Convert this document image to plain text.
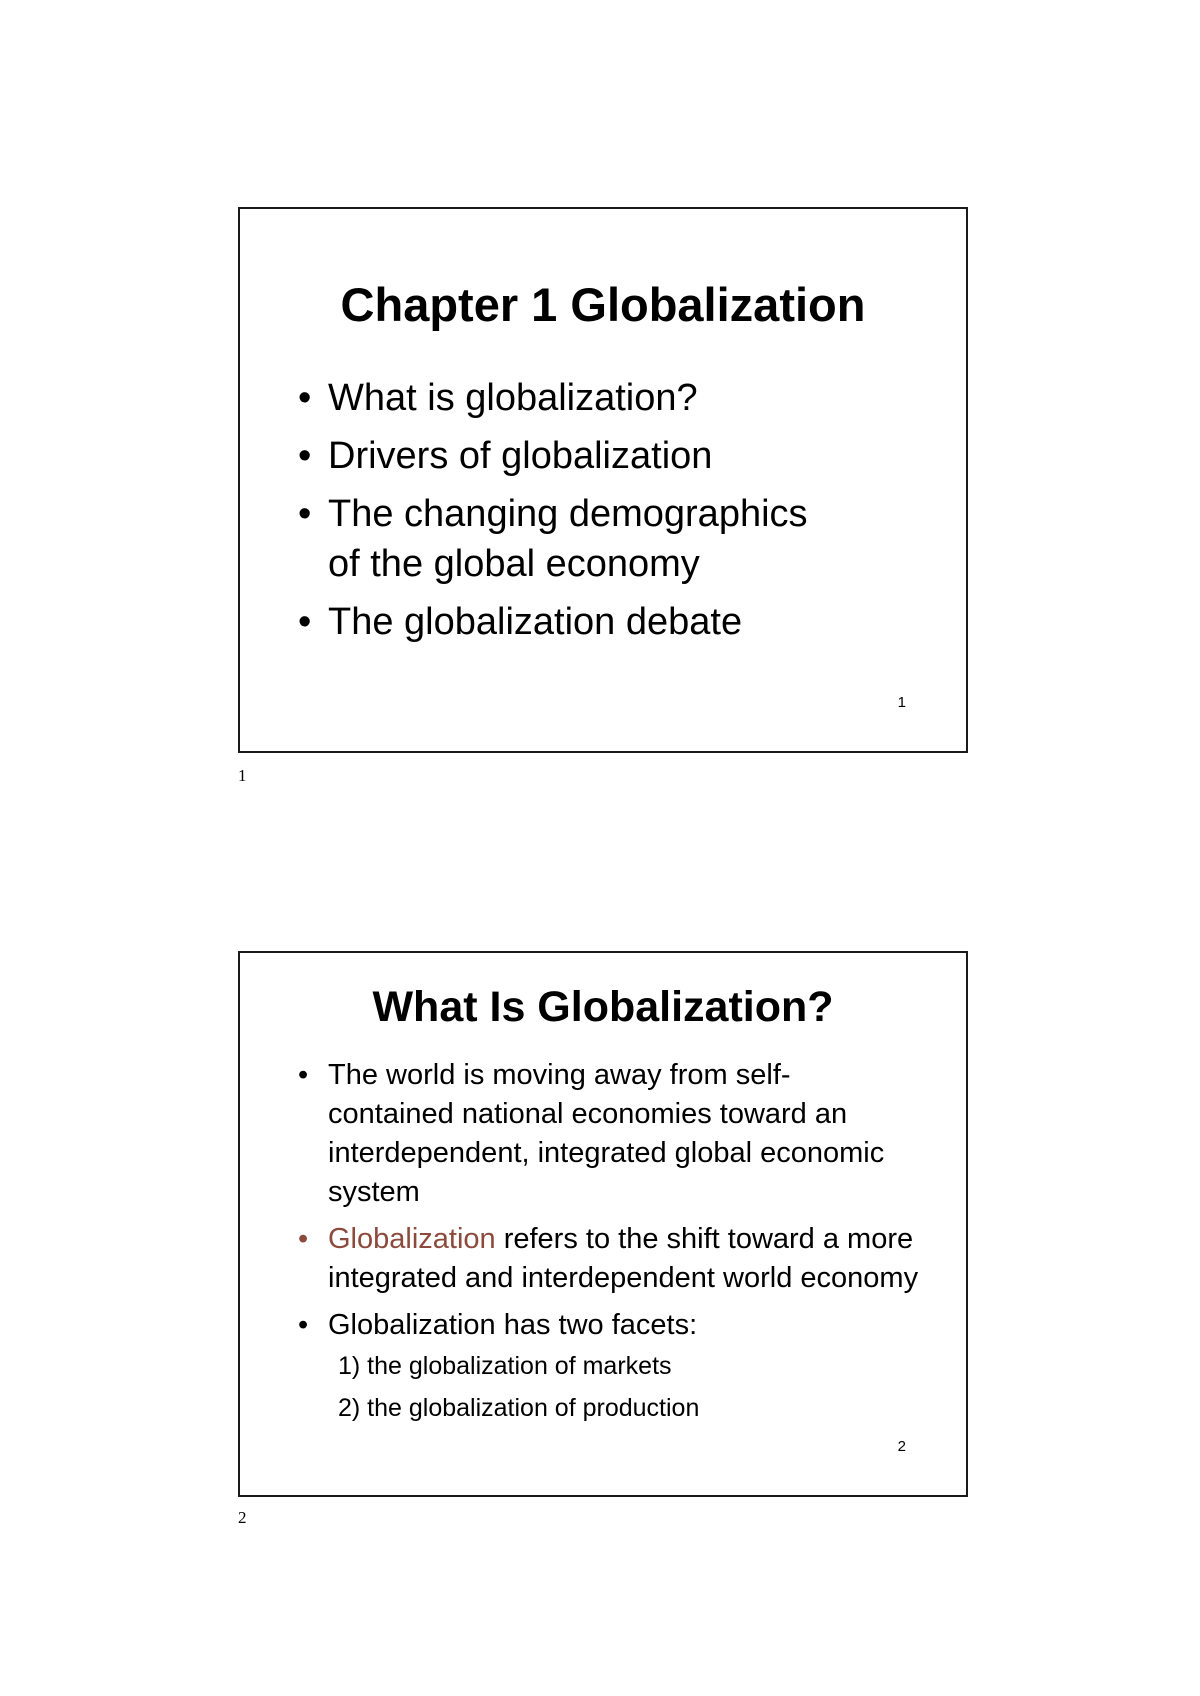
Chapter 1 Globalization
• What is globalization?
• Drivers of globalization
• The changing demographics of the global economy
• The globalization debate
1
1
What Is Globalization?
• The world is moving away from self-contained national economies toward an interdependent, integrated global economic system
• Globalization refers to the shift toward a more integrated and interdependent world economy
• Globalization has two facets:
1) the globalization of markets
2) the globalization of production
2
2
